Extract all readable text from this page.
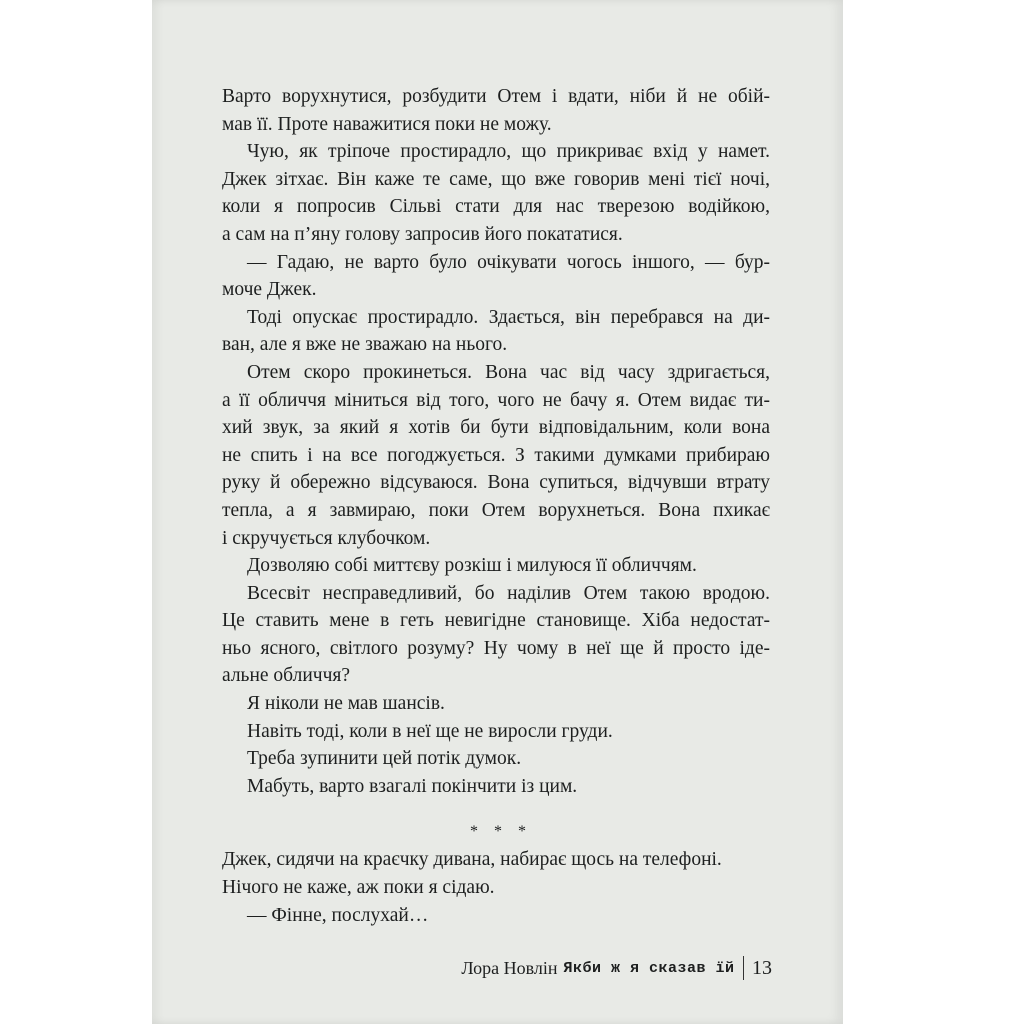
Варто ворухнутися, розбудити Отем і вдати, ніби й не обій-
мав її. Проте наважитися поки не можу.
Чую, як тріпоче простирадло, що прикриває вхід у намет.
Джек зітхає. Він каже те саме, що вже говорив мені тієї ночі,
коли я попросив Сільві стати для нас тверезою водійкою,
а сам на п’яну голову запросив його покататися.
— Гадаю, не варто було очікувати чогось іншого, — бур-
моче Джек.
Тоді опускає простирадло. Здається, він перебрався на ди-
ван, але я вже не зважаю на нього.
Отем скоро прокинеться. Вона час від часу здригається,
а її обличчя міниться від того, чого не бачу я. Отем видає ти-
хий звук, за який я хотів би бути відповідальним, коли вона
не спить і на все погоджується. З такими думками прибираю
руку й обережно відсуваюся. Вона супиться, відчувши втрату
тепла, а я завмираю, поки Отем ворухнеться. Вона пхикає
і скручується клубочком.
Дозволяю собі миттєву розкіш і милуюся її обличчям.
Всесвіт несправедливий, бо наділив Отем такою вродою.
Це ставить мене в геть невигідне становище. Хіба недостат-
ньо ясного, світлого розуму? Ну чому в неї ще й просто іде-
альне обличчя?
Я ніколи не мав шансів.
Навіть тоді, коли в неї ще не виросли груди.
Треба зупинити цей потік думок.
Мабуть, варто взагалі покінчити із цим.
* * *
Джек, сидячи на краєчку дивана, набирає щось на телефоні.
Нічого не каже, аж поки я сідаю.
— Фінне, послухай…
Лора Новлін Якби ж я сказав їй 13
